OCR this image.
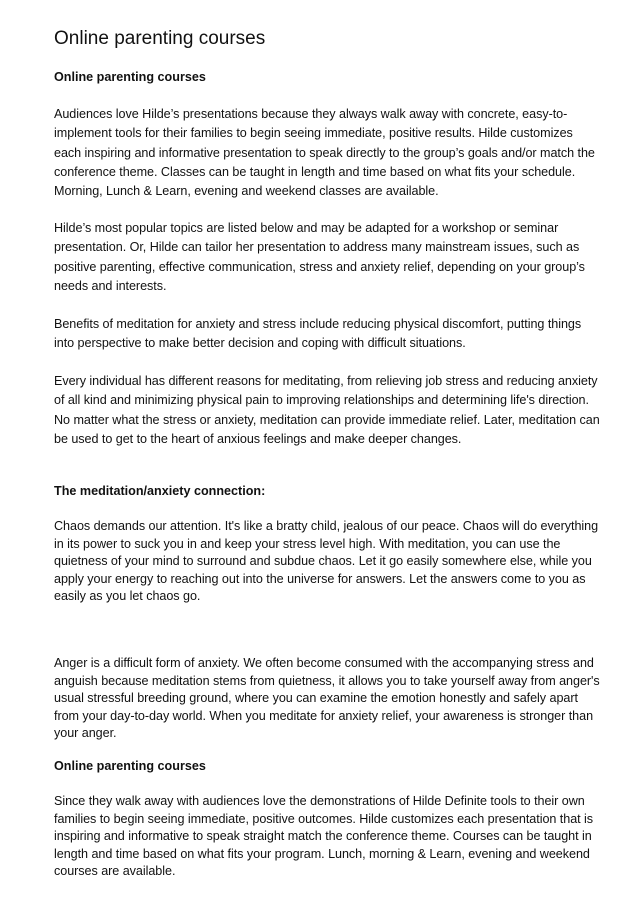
Online parenting courses
Online parenting courses

Audiences love Hilde’s presentations because they always walk away with concrete, easy-to-implement tools for their families to begin seeing immediate, positive results. Hilde customizes each inspiring and informative presentation to speak directly to the group’s goals and/or match the conference theme. Classes can be taught in length and time based on what fits your schedule. Morning, Lunch & Learn, evening and weekend classes are available.

Hilde’s most popular topics are listed below and may be adapted for a workshop or seminar presentation. Or, Hilde can tailor her presentation to address many mainstream issues, such as positive parenting, effective communication, stress and anxiety relief, depending on your group’s needs and interests.

Benefits of meditation for anxiety and stress include reducing physical discomfort, putting things into perspective to make better decision and coping with difficult situations.

Every individual has different reasons for meditating, from relieving job stress and reducing anxiety of all kind and minimizing physical pain to improving relationships and determining life's direction. No matter what the stress or anxiety, meditation can provide immediate relief. Later, meditation can be used to get to the heart of anxious feelings and make deeper changes.

The meditation/anxiety connection:

Chaos demands our attention. It's like a bratty child, jealous of our peace. Chaos will do everything in its power to suck you in and keep your stress level high. With meditation, you can use the quietness of your mind to surround and subdue chaos. Let it go easily somewhere else, while you apply your energy to reaching out into the universe for answers. Let the answers come to you as easily as you let chaos go.

Anger is a difficult form of anxiety. We often become consumed with the accompanying stress and anguish because meditation stems from quietness, it allows you to take yourself away from anger's usual stressful breeding ground, where you can examine the emotion honestly and safely apart from your day-to-day world. When you meditate for anxiety relief, your awareness is stronger than your anger.

Online parenting courses

Since they walk away with audiences love the demonstrations of Hilde Definite tools to their own families to begin seeing immediate, positive outcomes. Hilde customizes each presentation that is inspiring and informative to speak straight match the conference theme. Courses can be taught in length and time based on what fits your program. Lunch, morning & Learn, evening and weekend courses are available.
